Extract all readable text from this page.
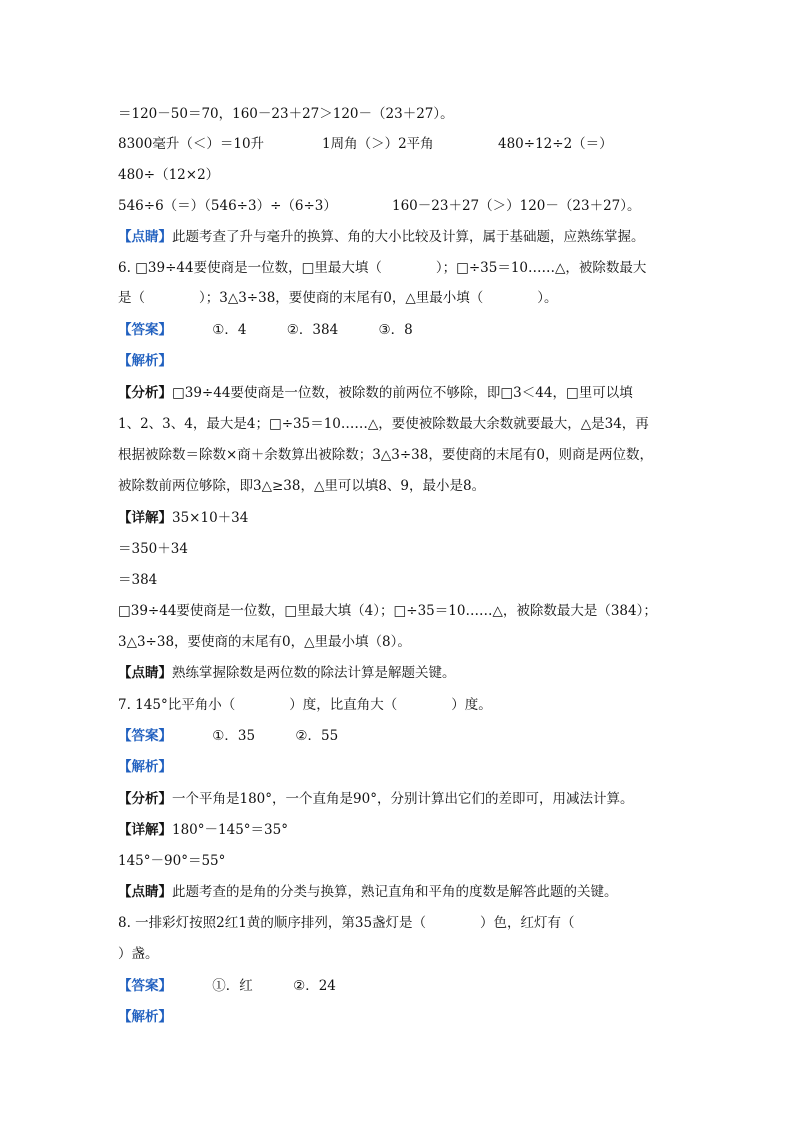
＝120－50＝70，160－23＋27＞120－（23＋27）。
8300毫升（＜）＝10升	1周角（＞）2平角	480÷12÷2（＝）
480÷（12×2）
546÷6（＝）（546÷3）÷（6÷3）	160－23＋27（＞）120－（23＋27）。
【点睛】此题考查了升与毫升的换算、角的大小比较及计算，属于基础题，应熟练掌握。
6. □39÷44要使商是一位数，□里最大填（　　　　）；□÷35＝10……△，被除数最大
是（　　　　）；3△3÷38，要使商的末尾有0，△里最小填（　　　　）。
【答案】	①．4	②．384	③．8
【解析】
【分析】□39÷44要使商是一位数，被除数的前两位不够除，即□3＜44，□里可以填
1、2、3、4，最大是4；□÷35＝10……△，要使被除数最大余数就要最大，△是34，再
根据被除数＝除数×商＋余数算出被除数；3△3÷38，要使商的末尾有0，则商是两位数，
被除数前两位够除，即3△≥38，△里可以填8、9，最小是8。
【详解】35×10＋34
＝350＋34
＝384
□39÷44要使商是一位数，□里最大填（4）；□÷35＝10……△，被除数最大是（384）；
3△3÷38，要使商的末尾有0，△里最小填（8）。
【点睛】熟练掌握除数是两位数的除法计算是解题关键。
7. 145°比平角小（　　　　）度，比直角大（　　　　）度。
【答案】	①．35	②．55
【解析】
【分析】一个平角是180°，一个直角是90°，分别计算出它们的差即可，用减法计算。
【详解】180°－145°＝35°
145°－90°＝55°
【点睛】此题考查的是角的分类与换算，熟记直角和平角的度数是解答此题的关键。
8. 一排彩灯按照2红1黄的顺序排列，第35盏灯是（　　　　）色，红灯有（
）盏。
【答案】	①．红	②．24
【解析】
